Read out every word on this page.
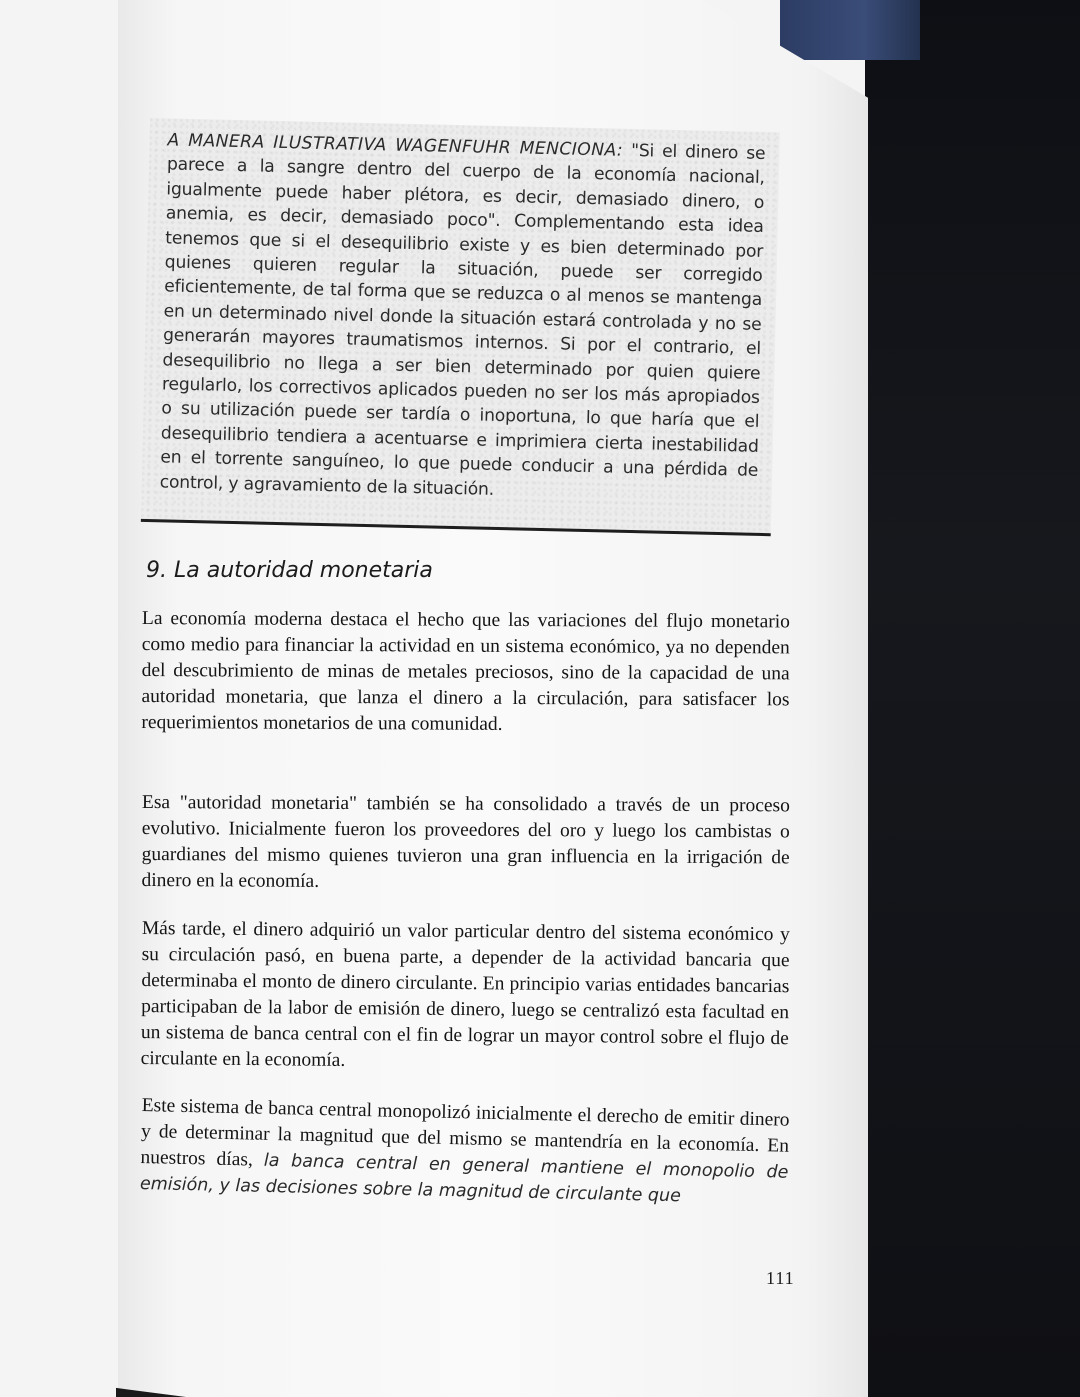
A MANERA ILUSTRATIVA WAGENFUHR MENCIONA: "Si el dinero se parece a la sangre dentro del cuerpo de la economía nacional, igualmente puede haber plétora, es decir, demasiado dinero, o anemia, es decir, demasiado poco". Complementando esta idea tenemos que si el desequilibrio existe y es bien determinado por quienes quieren regular la situación, puede ser corregido eficientemente, de tal forma que se reduzca o al menos se mantenga en un determinado nivel donde la situación estará controlada y no se generarán mayores traumatismos internos. Si por el contrario, el desequilibrio no llega a ser bien determinado por quien quiere regularlo, los correctivos aplicados pueden no ser los más apropiados o su utilización puede ser tardía o inoportuna, lo que haría que el desequilibrio tendiera a acentuarse e imprimiera cierta inestabilidad en el torrente sanguíneo, lo que puede conducir a una pérdida de control, y agravamiento de la situación.

9. La autoridad monetaria

La economía moderna destaca el hecho que las variaciones del flujo monetario como medio para financiar la actividad en un sistema económico, ya no dependen del descubrimiento de minas de metales preciosos, sino de la capacidad de una autoridad monetaria, que lanza el dinero a la circulación, para satisfacer los requerimientos monetarios de una comunidad.

Esa "autoridad monetaria" también se ha consolidado a través de un proceso evolutivo. Inicialmente fueron los proveedores del oro y luego los cambistas o guardianes del mismo quienes tuvieron una gran influencia en la irrigación de dinero en la economía.

Más tarde, el dinero adquirió un valor particular dentro del sistema económico y su circulación pasó, en buena parte, a depender de la actividad bancaria que determinaba el monto de dinero circulante. En principio varias entidades bancarias participaban de la labor de emisión de dinero, luego se centralizó esta facultad en un sistema de banca central con el fin de lograr un mayor control sobre el flujo de circulante en la economía.

Este sistema de banca central monopolizó inicialmente el derecho de emitir dinero y de determinar la magnitud que del mismo se mantendría en la economía. En nuestros días, la banca central en general mantiene el monopolio de emisión, y las decisiones sobre la magnitud de circulante que

111
